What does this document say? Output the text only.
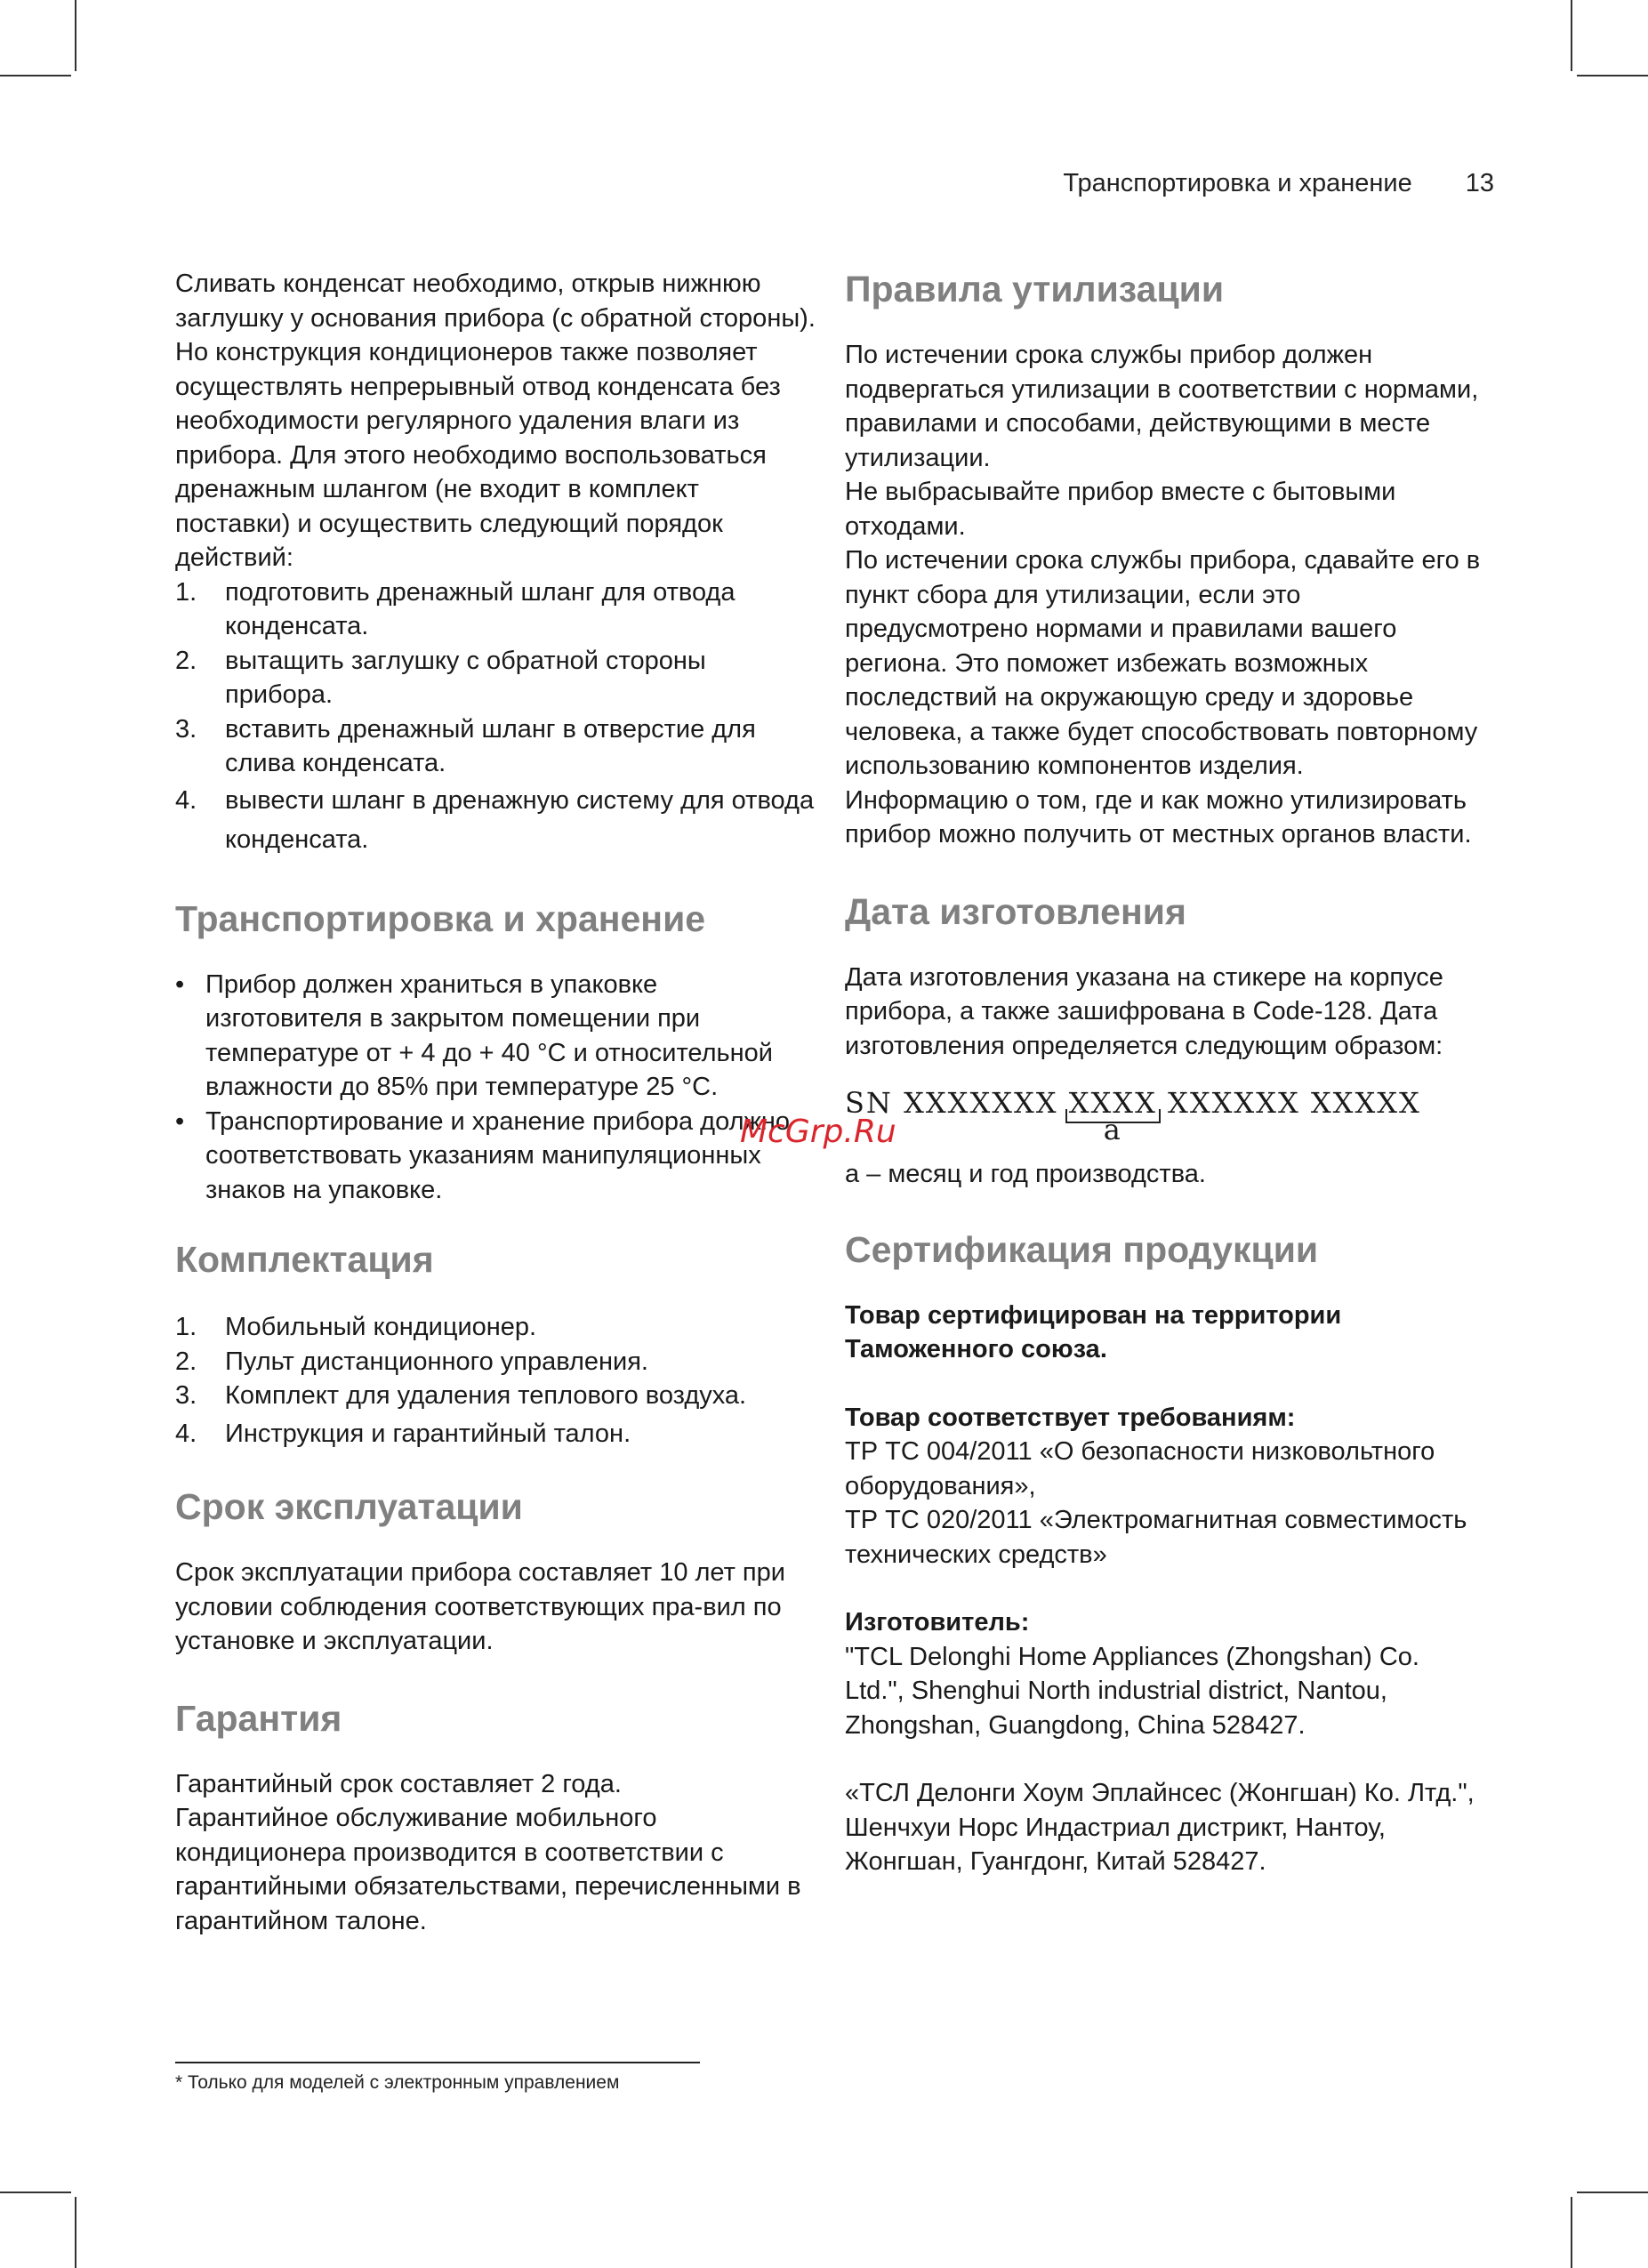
Транспортировка и хранение 13

Сливать конденсат необходимо, открыв нижнюю заглушку у основания прибора (с обратной стороны).

Но конструкция кондиционеров также позволяет осуществлять непрерывный отвод конденсата без необходимости регулярного удаления влаги из прибора. Для этого необходимо воспользоваться дренажным шлангом (не входит в комплект поставки) и осуществить следующий порядок действий:

1.	подготовить дренажный шланг для отвода конденсата.
2.	вытащить заглушку с обратной стороны прибора.
3.	вставить дренажный шланг в отверстие для слива конденсата.
4.	вывести шланг в дренажную систему для отвода конденсата.
Транспортировка и хранение
• Прибор должен храниться в упаковке изготовителя в закрытом помещении при температуре от + 4 до + 40 °C и относительной влажности до 85% при температуре 25 °C.
• Транспортирование и хранение прибора должно соответствовать указаниям манипуляционных знаков на упаковке.
Комплектация
1.	Мобильный кондиционер.
2.	Пульт дистанционного управления.
3.	Комплект для удаления теплового воздуха.
4.	Инструкция и гарантийный талон.
Срок эксплуатации

Срок эксплуатации прибора составляет 10 лет при условии соблюдения соответствующих пра-вил по установке и эксплуатации.

Гарантия

Гарантийный срок составляет 2 года.

Гарантийное обслуживание мобильного кондиционера производится в соответствии с гарантийными обязательствами, перечисленными в гарантийном талоне.

Правила утилизации

По истечении срока службы прибор должен подвергаться утилизации в соответствии с нормами, правилами и способами, действующими в месте утилизации.

Не выбрасывайте прибор вместе с бытовыми отходами.

По истечении срока службы прибора, сдавайте его в пункт сбора для утилизации, если это предусмотрено нормами и правилами вашего региона. Это поможет избежать возможных последствий на окружающую среду и здоровье человека, а также будет способствовать повторному использованию компонентов изделия.

Информацию о том, где и как можно утилизировать прибор можно получить от местных органов власти.

Дата изготовления

Дата изготовления указана на стикере на корпусе прибора, а также зашифрована в Code-128. Дата изготовления определяется следующим образом:

SN XXXXXXX XXXX
a
XXXXXX XXXXX

a – месяц и год производства.

Сертификация продукции

Товар сертифицирован на территории Таможенного союза.

Товар соответствует требованиям:

ТР ТС 004/2011 «О безопасности низковольтного оборудования»,

ТР ТС 020/2011 «Электромагнитная совместимость технических средств»

Изготовитель:

"TCL Delonghi Home Appliances (Zhongshan) Co. Ltd.", Shenghui North industrial district, Nantou, Zhongshan, Guangdong, China 528427.

«ТСЛ Делонги Хоум Эплайнсес (Жонгшан) Ко. Лтд.", Шенчхуи Норс Индастриал дистрикт, Нантоу, Жонгшан, Гуангдонг, Китай 528427.

McGrp.Ru
* Только для моделей с электронным управлением
